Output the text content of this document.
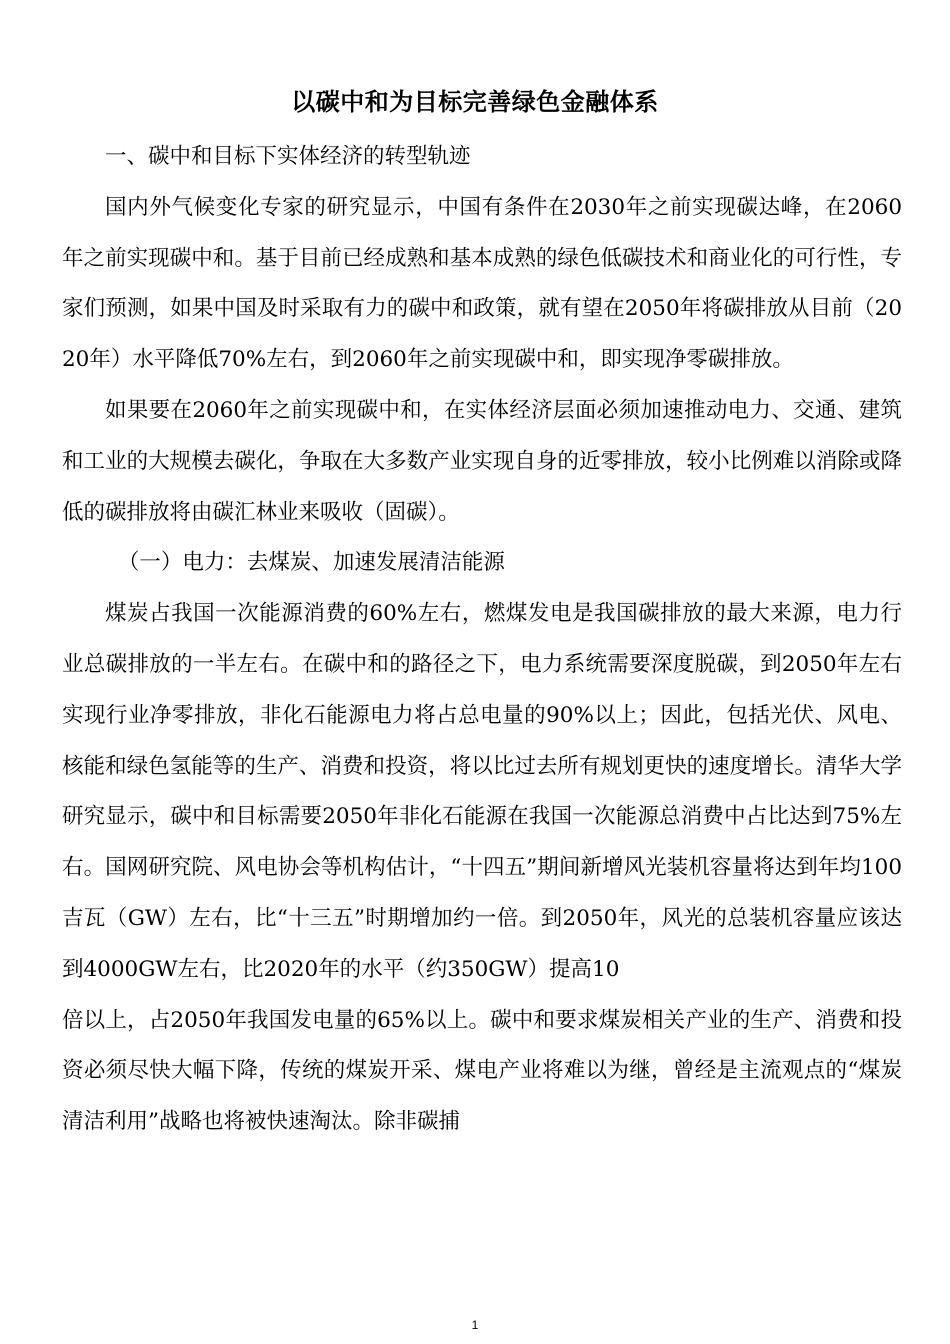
以碳中和为目标完善绿色金融体系

一、碳中和目标下实体经济的转型轨迹

国内外气候变化专家的研究显示，中国有条件在2030年之前实现碳达峰，在2060年之前实现碳中和。基于目前已经成熟和基本成熟的绿色低碳技术和商业化的可行性，专家们预测，如果中国及时采取有力的碳中和政策，就有望在2050年将碳排放从目前（2020年）水平降低70%左右，到2060年之前实现碳中和，即实现净零碳排放。

如果要在2060年之前实现碳中和，在实体经济层面必须加速推动电力、交通、建筑和工业的大规模去碳化，争取在大多数产业实现自身的近零排放，较小比例难以消除或降低的碳排放将由碳汇林业来吸收（固碳）。

（一）电力：去煤炭、加速发展清洁能源

煤炭占我国一次能源消费的60%左右，燃煤发电是我国碳排放的最大来源，电力行业总碳排放的一半左右。在碳中和的路径之下，电力系统需要深度脱碳，到2050年左右实现行业净零排放，非化石能源电力将占总电量的90%以上；因此，包括光伏、风电、核能和绿色氢能等的生产、消费和投资，将以比过去所有规划更快的速度增长。清华大学研究显示，碳中和目标需要2050年非化石能源在我国一次能源总消费中占比达到75%左右。国网研究院、风电协会等机构估计，“十四五”期间新增风光装机容量将达到年均100吉瓦（GW）左右，比“十三五”时期增加约一倍。到2050年，风光的总装机容量应该达到4000GW左右，比2020年的水平（约350GW）提高10

倍以上，占2050年我国发电量的65%以上。碳中和要求煤炭相关产业的生产、消费和投资必须尽快大幅下降，传统的煤炭开采、煤电产业将难以为继，曾经是主流观点的“煤炭清洁利用”战略也将被快速淘汰。除非碳捕

1
